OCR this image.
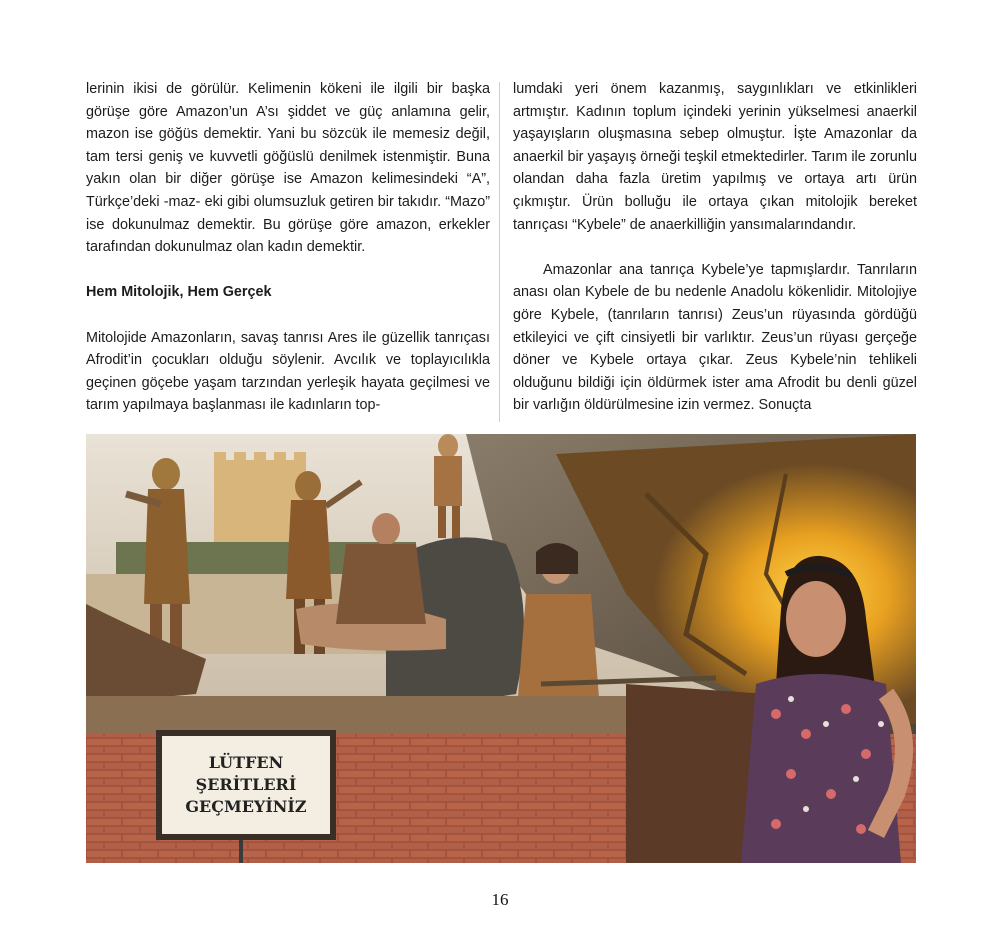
lerinin ikisi de görülür. Kelimenin kökeni ile ilgili bir başka görüşe göre Amazon’un A’sı şiddet ve güç anlamına gelir, mazon ise göğüs demektir. Yani bu sözcük ile memesiz değil, tam tersi geniş ve kuvvetli göğüslü denilmek istenmiştir. Buna yakın olan bir diğer görüşe ise Amazon kelimesindeki “A”, Türkçe’deki -maz- eki gibi olumsuzluk getiren bir takıdır. “Mazo” ise dokunulmaz demektir. Bu görüşe göre amazon, erkekler tarafından dokunulmaz olan kadın demektir.

Hem Mitolojik, Hem Gerçek

Mitolojide Amazonların, savaş tanrısı Ares ile güzellik tanrıçası Afrodit’in çocukları olduğu söylenir. Avcılık ve toplayıcılıkla geçinen göçebe yaşam tarzından yerleşik hayata geçilmesi ve tarım yapılmaya başlanması ile kadınların top-

lumdaki yeri önem kazanmış, saygınlıkları ve etkinlikleri artmıştır. Kadının toplum içindeki yerinin yükselmesi anaerkil yaşayışların oluşmasına sebep olmuştur. İşte Amazonlar da anaerkil bir yaşayış örneği teşkil etmektedirler. Tarım ile zorunlu olandan daha fazla üretim yapılmış ve ortaya artı ürün çıkmıştır. Ürün bolluğu ile ortaya çıkan mitolojik bereket tanrıçası “Kybele” de anaerkilliğin yansımalarındandır.

Amazonlar ana tanrıça Kybele’ye tapmışlardır. Tanrıların anası olan Kybele de bu nedenle Anadolu kökenlidir. Mitolojiye göre Kybele, (tanrıların tanrısı) Zeus’un rüyasında gördüğü etkileyici ve çift cinsiyetli bir varlıktır. Zeus’un rüyası gerçeğe döner ve Kybele ortaya çıkar. Zeus Kybele’nin tehlikeli olduğunu bildiği için öldürmek ister ama Afrodit bu denli güzel bir varlığın öldürülmesine izin vermez. Sonuçta

LÜTFEN
ŞERİTLERİ
GEÇMEYİNİZ
16
